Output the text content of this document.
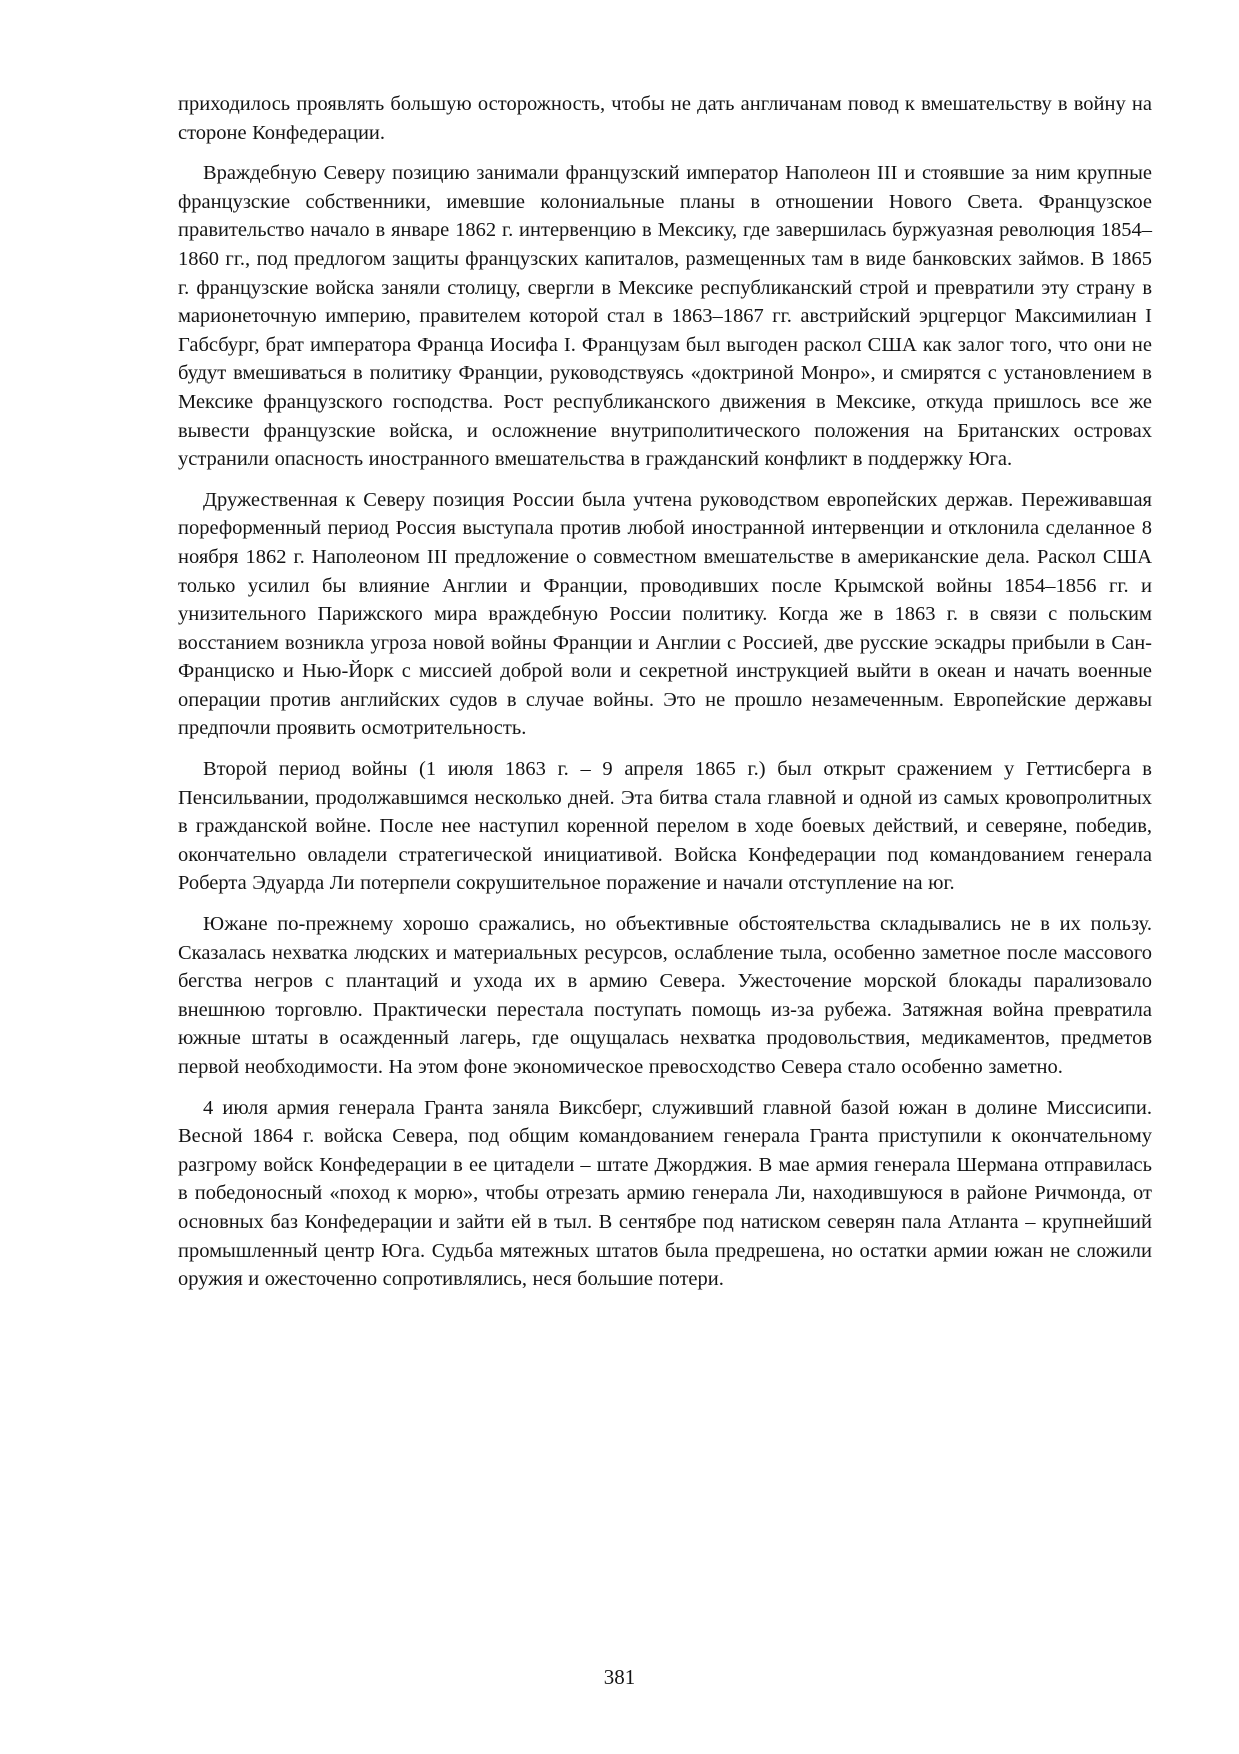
приходилось проявлять большую осторожность, чтобы не дать англичанам повод к вмешательству в войну на стороне Конфедерации.

Враждебную Северу позицию занимали французский император Наполеон III и стоявшие за ним крупные французские собственники, имевшие колониальные планы в отношении Нового Света. Французское правительство начало в январе 1862 г. интервенцию в Мексику, где завершилась буржуазная революция 1854–1860 гг., под предлогом защиты французских капиталов, размещенных там в виде банковских займов. В 1865 г. французские войска заняли столицу, свергли в Мексике республиканский строй и превратили эту страну в марионеточную империю, правителем которой стал в 1863–1867 гг. австрийский эрцгерцог Максимилиан I Габсбург, брат императора Франца Иосифа I. Французам был выгоден раскол США как залог того, что они не будут вмешиваться в политику Франции, руководствуясь «доктриной Монро», и смирятся с установлением в Мексике французского господства. Рост республиканского движения в Мексике, откуда пришлось все же вывести французские войска, и осложнение внутриполитического положения на Британских островах устранили опасность иностранного вмешательства в гражданский конфликт в поддержку Юга.

Дружественная к Северу позиция России была учтена руководством европейских держав. Переживавшая пореформенный период Россия выступала против любой иностранной интервенции и отклонила сделанное 8 ноября 1862 г. Наполеоном III предложение о совместном вмешательстве в американские дела. Раскол США только усилил бы влияние Англии и Франции, проводивших после Крымской войны 1854–1856 гг. и унизительного Парижского мира враждебную России политику. Когда же в 1863 г. в связи с польским восстанием возникла угроза новой войны Франции и Англии с Россией, две русские эскадры прибыли в Сан-Франциско и Нью-Йорк с миссией доброй воли и секретной инструкцией выйти в океан и начать военные операции против английских судов в случае войны. Это не прошло незамеченным. Европейские державы предпочли проявить осмотрительность.

Второй период войны (1 июля 1863 г. – 9 апреля 1865 г.) был открыт сражением у Геттисберга в Пенсильвании, продолжавшимся несколько дней. Эта битва стала главной и одной из самых кровопролитных в гражданской войне. После нее наступил коренной перелом в ходе боевых действий, и северяне, победив, окончательно овладели стратегической инициативой. Войска Конфедерации под командованием генерала Роберта Эдуарда Ли потерпели сокрушительное поражение и начали отступление на юг.

Южане по-прежнему хорошо сражались, но объективные обстоятельства складывались не в их пользу. Сказалась нехватка людских и материальных ресурсов, ослабление тыла, особенно заметное после массового бегства негров с плантаций и ухода их в армию Севера. Ужесточение морской блокады парализовало внешнюю торговлю. Практически перестала поступать помощь из-за рубежа. Затяжная война превратила южные штаты в осажденный лагерь, где ощущалась нехватка продовольствия, медикаментов, предметов первой необходимости. На этом фоне экономическое превосходство Севера стало особенно заметно.

4 июля армия генерала Гранта заняла Виксберг, служивший главной базой южан в долине Миссисипи. Весной 1864 г. войска Севера, под общим командованием генерала Гранта приступили к окончательному разгрому войск Конфедерации в ее цитадели – штате Джорджия. В мае армия генерала Шермана отправилась в победоносный «поход к морю», чтобы отрезать армию генерала Ли, находившуюся в районе Ричмонда, от основных баз Конфедерации и зайти ей в тыл. В сентябре под натиском северян пала Атланта – крупнейший промышленный центр Юга. Судьба мятежных штатов была предрешена, но остатки армии южан не сложили оружия и ожесточенно сопротивлялись, неся большие потери.

381
